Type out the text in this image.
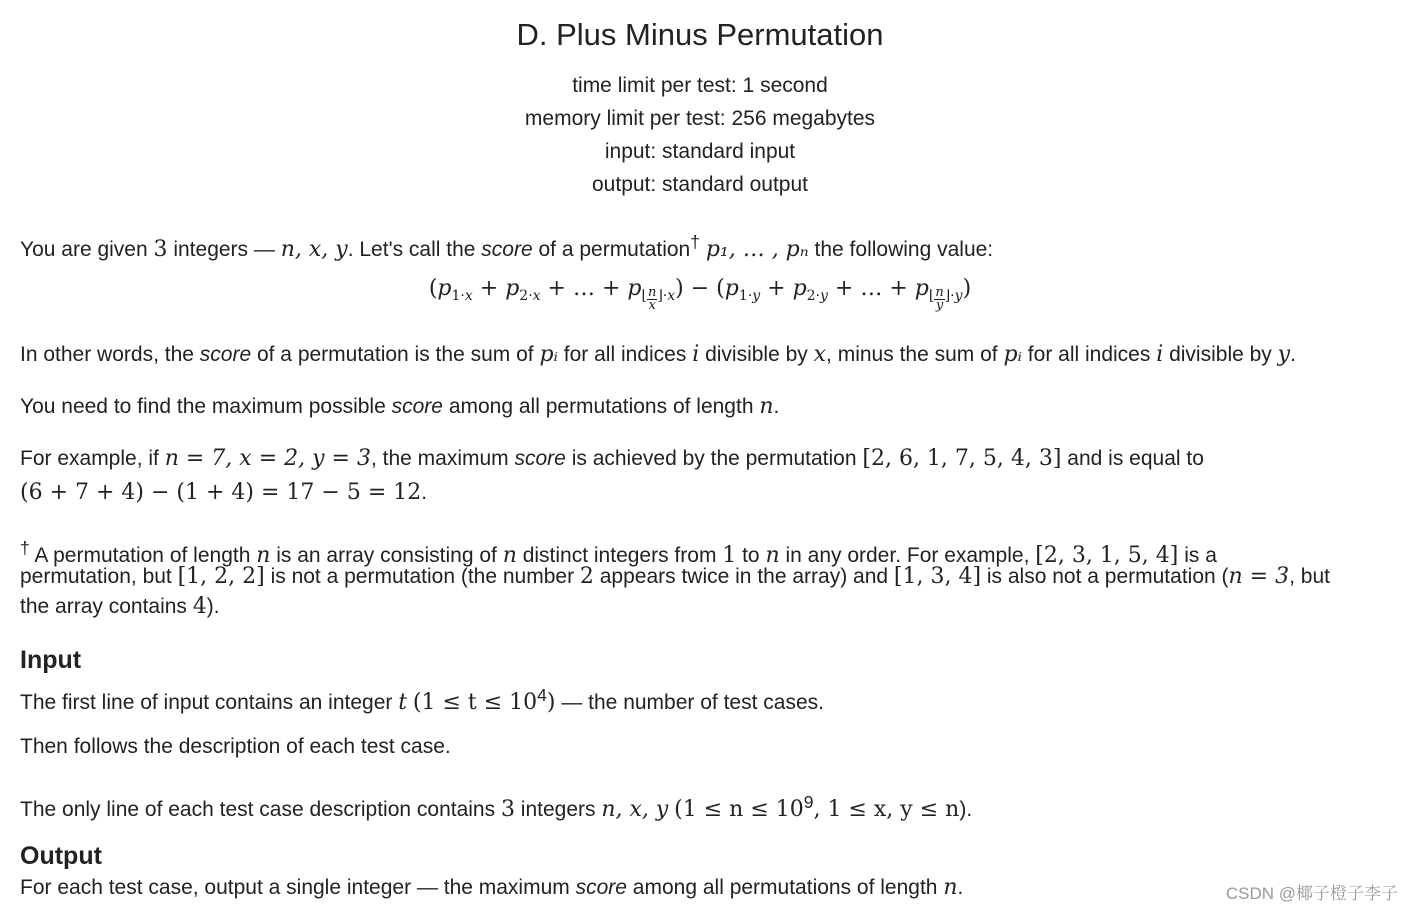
D. Plus Minus Permutation
time limit per test: 1 second
memory limit per test: 256 megabytes
input: standard input
output: standard output
You are given 3 integers — n, x, y. Let's call the score of a permutation† p₁, … , pₙ the following value:
($p_{1\cdot x} + p_{2\cdot x}$ + … + $p_{⌊ \frac{n}{x} ⌋\cdot x}) - (p_{1\cdot y} + p_{2\cdot y}$ + … + $p_{⌊ \frac{n}{y} ⌋\cdot y}$)
In other words, the score of a permutation is the sum of pᵢ for all indices i divisible by x, minus the sum of pᵢ for all indices i divisible by y.
You need to find the maximum possible score among all permutations of length n.
For example, if n = 7, x = 2, y = 3, the maximum score is achieved by the permutation [2, 6, 1, 7, 5, 4, 3] and is equal to
(6 + 7 + 4) − (1 + 4) = 17 − 5 = 12.
† A permutation of length n is an array consisting of n distinct integers from 1 to n in any order. For example, [2, 3, 1, 5, 4] is a
permutation, but [1, 2, 2] is not a permutation (the number 2 appears twice in the array) and [1, 3, 4] is also not a permutation (n = 3, but
the array contains 4).
Input
The first line of input contains an integer t $(1 \le t \le 10^4)$ — the number of test cases.
Then follows the description of each test case.
The only line of each test case description contains 3 integers n, x, y ($1 \le n \le 10^9$, 1 ≤ x, y ≤ n).
Output
For each test case, output a single integer — the maximum score among all permutations of length n.	CSDN @椰子橙子李子
